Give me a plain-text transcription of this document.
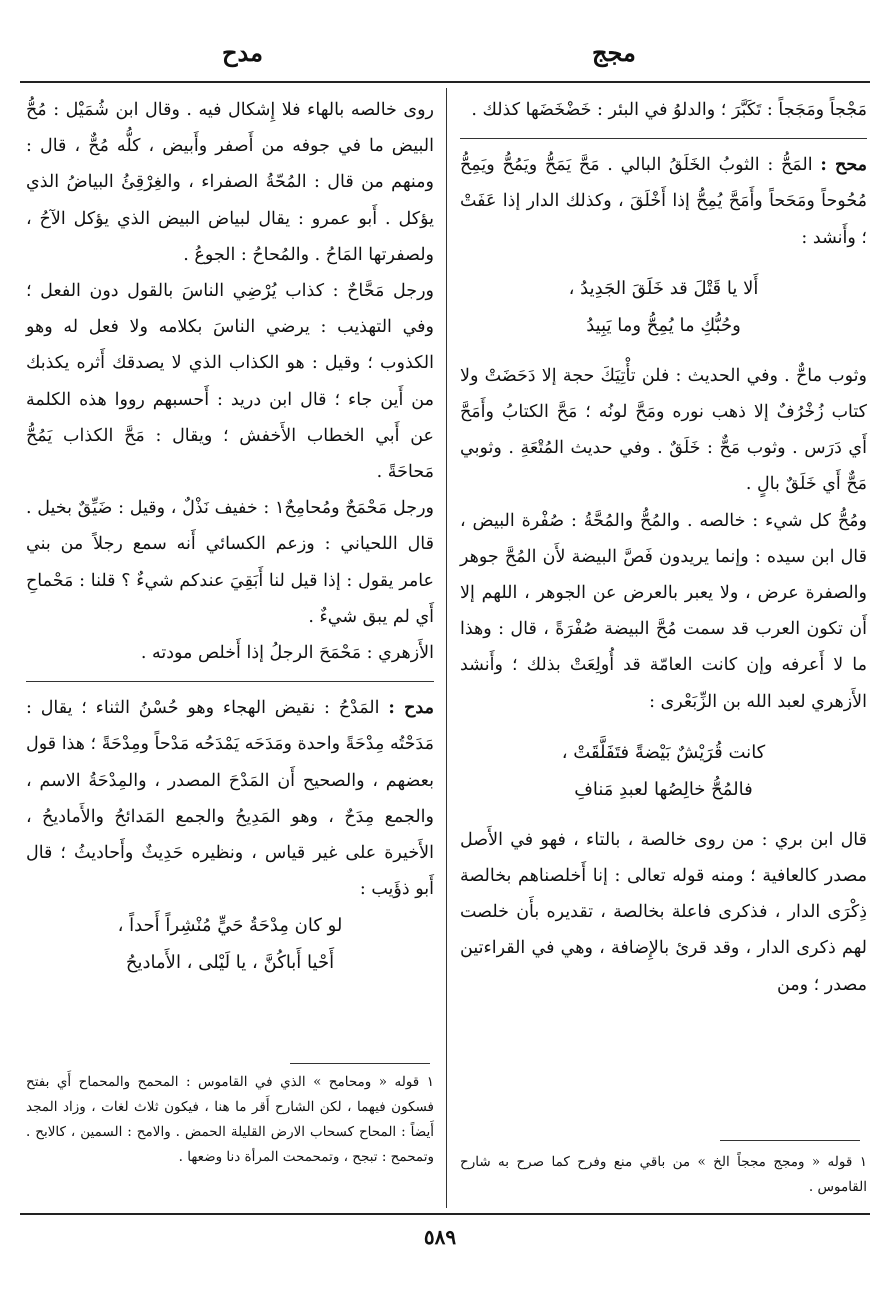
مدح	مجج

مَجْجاً ومَجَجاً : تَكَبَّرَ ؛ والدلوُ في البئر : خَضْخَضَها كذلك .

محح : المَحُّ : الثوبُ الخَلَقُ البالي . مَحَّ يَمَحُّ ويَمُحُّ ويَمِحُّ مُحُوحاً ومَحَحاً وأَمَحَّ يُمِحُّ إذا أَخْلَقَ ، وكذلك الدار إذا عَفَتْ ؛ وأَنشد :

أَلا يا قَتْلَ قد خَلَقَ الجَدِيدُ ،
وحُبُّكِ ما يُمِحُّ وما يَبِيدُ

وثوب ماحٌّ . وفي الحديث : فلن تأْتِيَكَ حجة إلا دَحَضَتْ ولا كتاب زُخْرُفٌ إلا ذهب نوره ومَحَّ لونُه ؛ مَحَّ الكتابُ وأَمَحَّ أَي دَرَس . وثوب مَحٌّ : خَلَقٌ . وفي حديث المُتْعَةِ . وثوبي مَحٌّ أَي خَلَقٌ بالٍ .

ومُحُّ كل شيء : خالصه . والمُحُّ والمُحَّةُ : صُفْرة البيض ، قال ابن سيده : وإنما يريدون فَصَّ البيضة لأَن المُحَّ جوهر والصفرة عرض ، ولا يعبر بالعرض عن الجوهر ، اللهم إلا أَن تكون العرب قد سمت مُحَّ البيضة صُفْرَةً ، قال : وهذا ما لا أَعرفه وإن كانت العامّة قد أُولِعَتْ بذلك ؛ وأَنشد الأَزهري لعبد الله بن الزِّبَعْرى :

كانت قُرَيْشٌ بَيْضةً فتَفَلَّقَتْ ،
فالمُحُّ خالِصُها لعبدِ مَنافِ

قال ابن بري : من روى خالصة ، بالتاء ، فهو في الأَصل مصدر كالعافية ؛ ومنه قوله تعالى : إنا أَخلصناهم بخالصة ذِكْرَى الدار ، فذكرى فاعلة بخالصة ، تقديره بأَن خلصت لهم ذكرى الدار ، وقد قرئ بالإِضافة ، وهي في القراءتين مصدر ؛ ومن

١ قوله « ومجج مججاً الخ » من باقي منع وفرح كما صرح به شارح القاموس .

روى خالصه بالهاء فلا إِشكال فيه . وقال ابن شُمَيْل : مُحُّ البيض ما في جوفه من أَصفر وأَبيض ، كلُّه مُحٌّ ، قال : ومنهم من قال : المُحّةُ الصفراء ، والغِرْقِئُ البياضُ الذي يؤكل . أَبو عمرو : يقال لبياض البيض الذي يؤكل الآحُ ، ولصفرتها المَاحُ . والمُحاحُ : الجوعُ .

ورجل مَحَّاحٌ : كذاب يُرْضِي الناسَ بالقول دون الفعل ؛ وفي التهذيب : يرضي الناسَ بكلامه ولا فعل له وهو الكذوب ؛ وقيل : هو الكذاب الذي لا يصدقك أَثره يكذبك من أَين جاء ؛ قال ابن دريد : أَحسبهم رووا هذه الكلمة عن أَبي الخطاب الأَخفش ؛ ويقال : مَحَّ الكذاب يَمُحُّ مَحاحَةً .

ورجل مَحْمَحٌ ومُحامِحٌ١ : خفيف نَذْلٌ ، وقيل : ضَيِّقٌ بخيل . قال اللحياني : وزعم الكسائي أَنه سمع رجلاً من بني عامر يقول : إذا قيل لنا أَبَقِيَ عندكم شيءٌ ؟ قلنا : مَحْماحِ أَي لم يبق شيءٌ .

الأَزهري : مَحْمَحَ الرجلُ إذا أَخلص مودته .

مدح : المَدْحُ : نقيض الهجاء وهو حُسْنُ الثناء ؛ يقال : مَدَحْتُه مِدْحَةً واحدة ومَدَحَه يَمْدَحُه مَدْحاً ومِدْحَةً ؛ هذا قول بعضهم ، والصحيح أَن المَدْحَ المصدر ، والمِدْحَةُ الاسم ، والجمع مِدَحٌ ، وهو المَدِيحُ والجمع المَدائحُ والأَماديحُ ، الأَخيرة على غير قياس ، ونظيره حَدِيثٌ وأَحاديثُ ؛ قال أَبو ذؤَيب :

لو كان مِدْحَةُ حَيٍّ مُنْشِراً أَحداً ،
أَحْيا أَباكُنَّ ، يا لَيْلى ، الأَماديحُ
١ قوله « ومحامح » الذي في القاموس : المحمح والمحماح أَي بفتح فسكون فيهما ، لكن الشارح أَقر ما هنا ، فيكون ثلاث لغات ، وزاد المجد أَيضاً : المحاح كسحاب الارض القليلة الحمض . والامح : السمين ، كالابح . وتمحمح : تبجح ، وتمحمحت المرأة دنا وضعها .
٥٨٩
